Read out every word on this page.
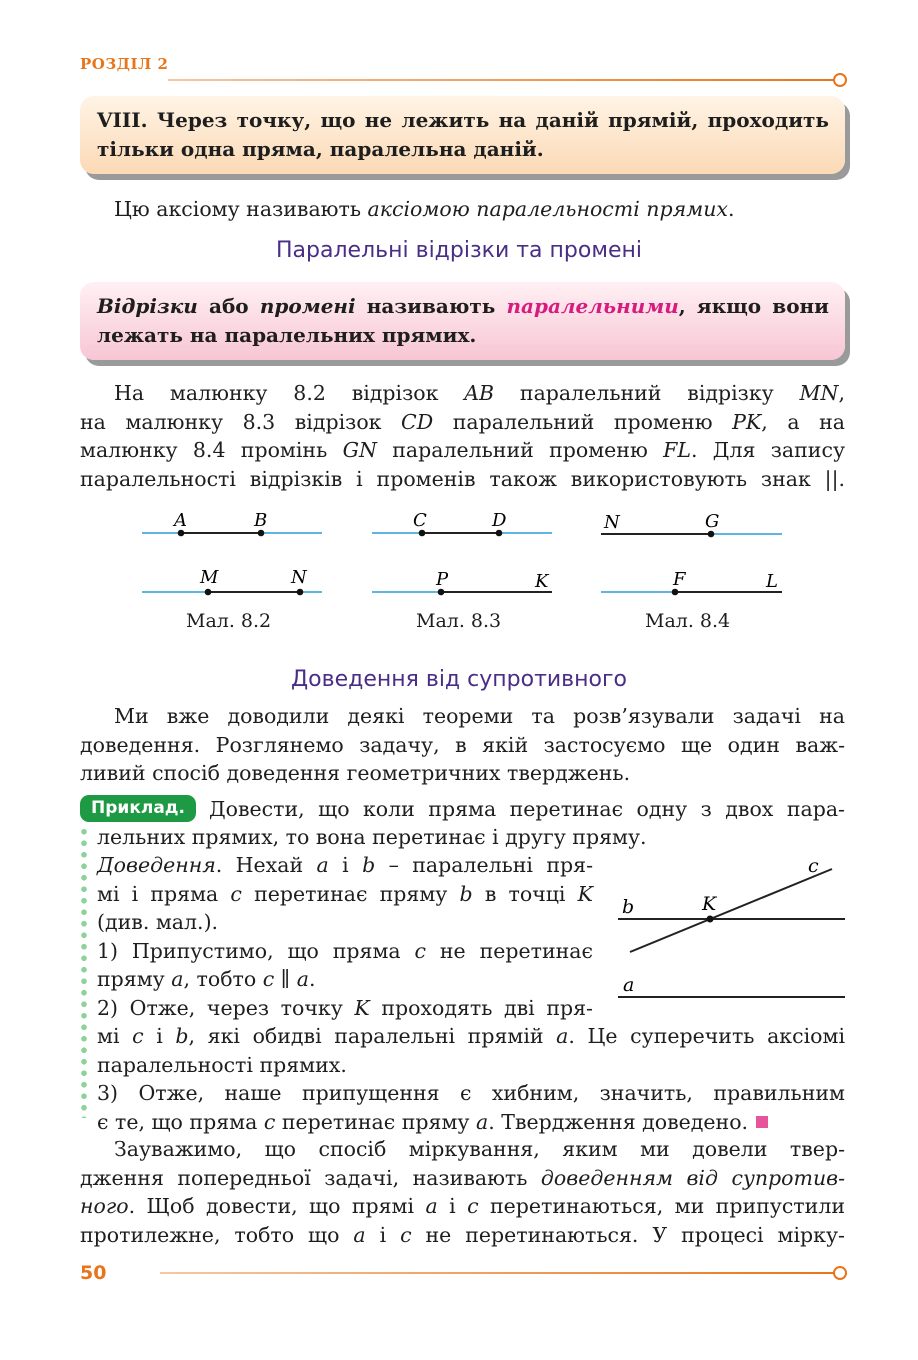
РОЗДІЛ 2
VIII. Через точку, що не лежить на даній прямій, проходить
тільки одна пряма, паралельна даній.

Цю аксіому називають аксіомою паралельності прямих.

Паралельні відрізки та промені
Відрізки або промені називають паралельними, якщо вони
лежать на паралельних прямих.

На малюнку 8.2 відрізок AB паралельний відрізку MN,
на малюнку 8.3 відрізок CD паралельний променю PK, а на
малюнку 8.4 промінь GN паралельний променю FL. Для запису
паралельності відрізків і променів також використовують знак ||.

A	B
M	N
C	D
P	K
N	G
F	L
Мал. 8.2	Мал. 8.3	Мал. 8.4
Доведення від супротивного

Ми вже доводили деякі теореми та розв’язували задачі на
доведення. Розглянемо задачу, в якій застосуємо ще один важ-
ливий спосіб доведення геометричних тверджень.

Приклад.	Довести, що коли пряма перетинає одну з двох пара-

лельних прямих, то вона перетинає і другу пряму.

Доведення. Нехай a і b – паралельні пря-
мі і пряма c перетинає пряму b в точці K
(див. мал.).
1) Припустимо, що пряма c не перетинає
пряму a, тобто c ∥ a.
2) Отже, через точку K проходять дві пря-

мі c і b, які обидві паралельні прямій a. Це суперечить аксіомі
паралельності прямих.
3) Отже, наше припущення є хибним, значить, правильним
є те, що пряма c перетинає пряму a. Твердження доведено.

c
b	K
a

Зауважимо, що спосіб міркування, яким ми довели твер-
дження попередньої задачі, називають доведенням від супротив-
ного. Щоб довести, що прямі a і c перетинаються, ми припустили
протилежне, тобто що a і c не перетинаються. У процесі мірку-

50
